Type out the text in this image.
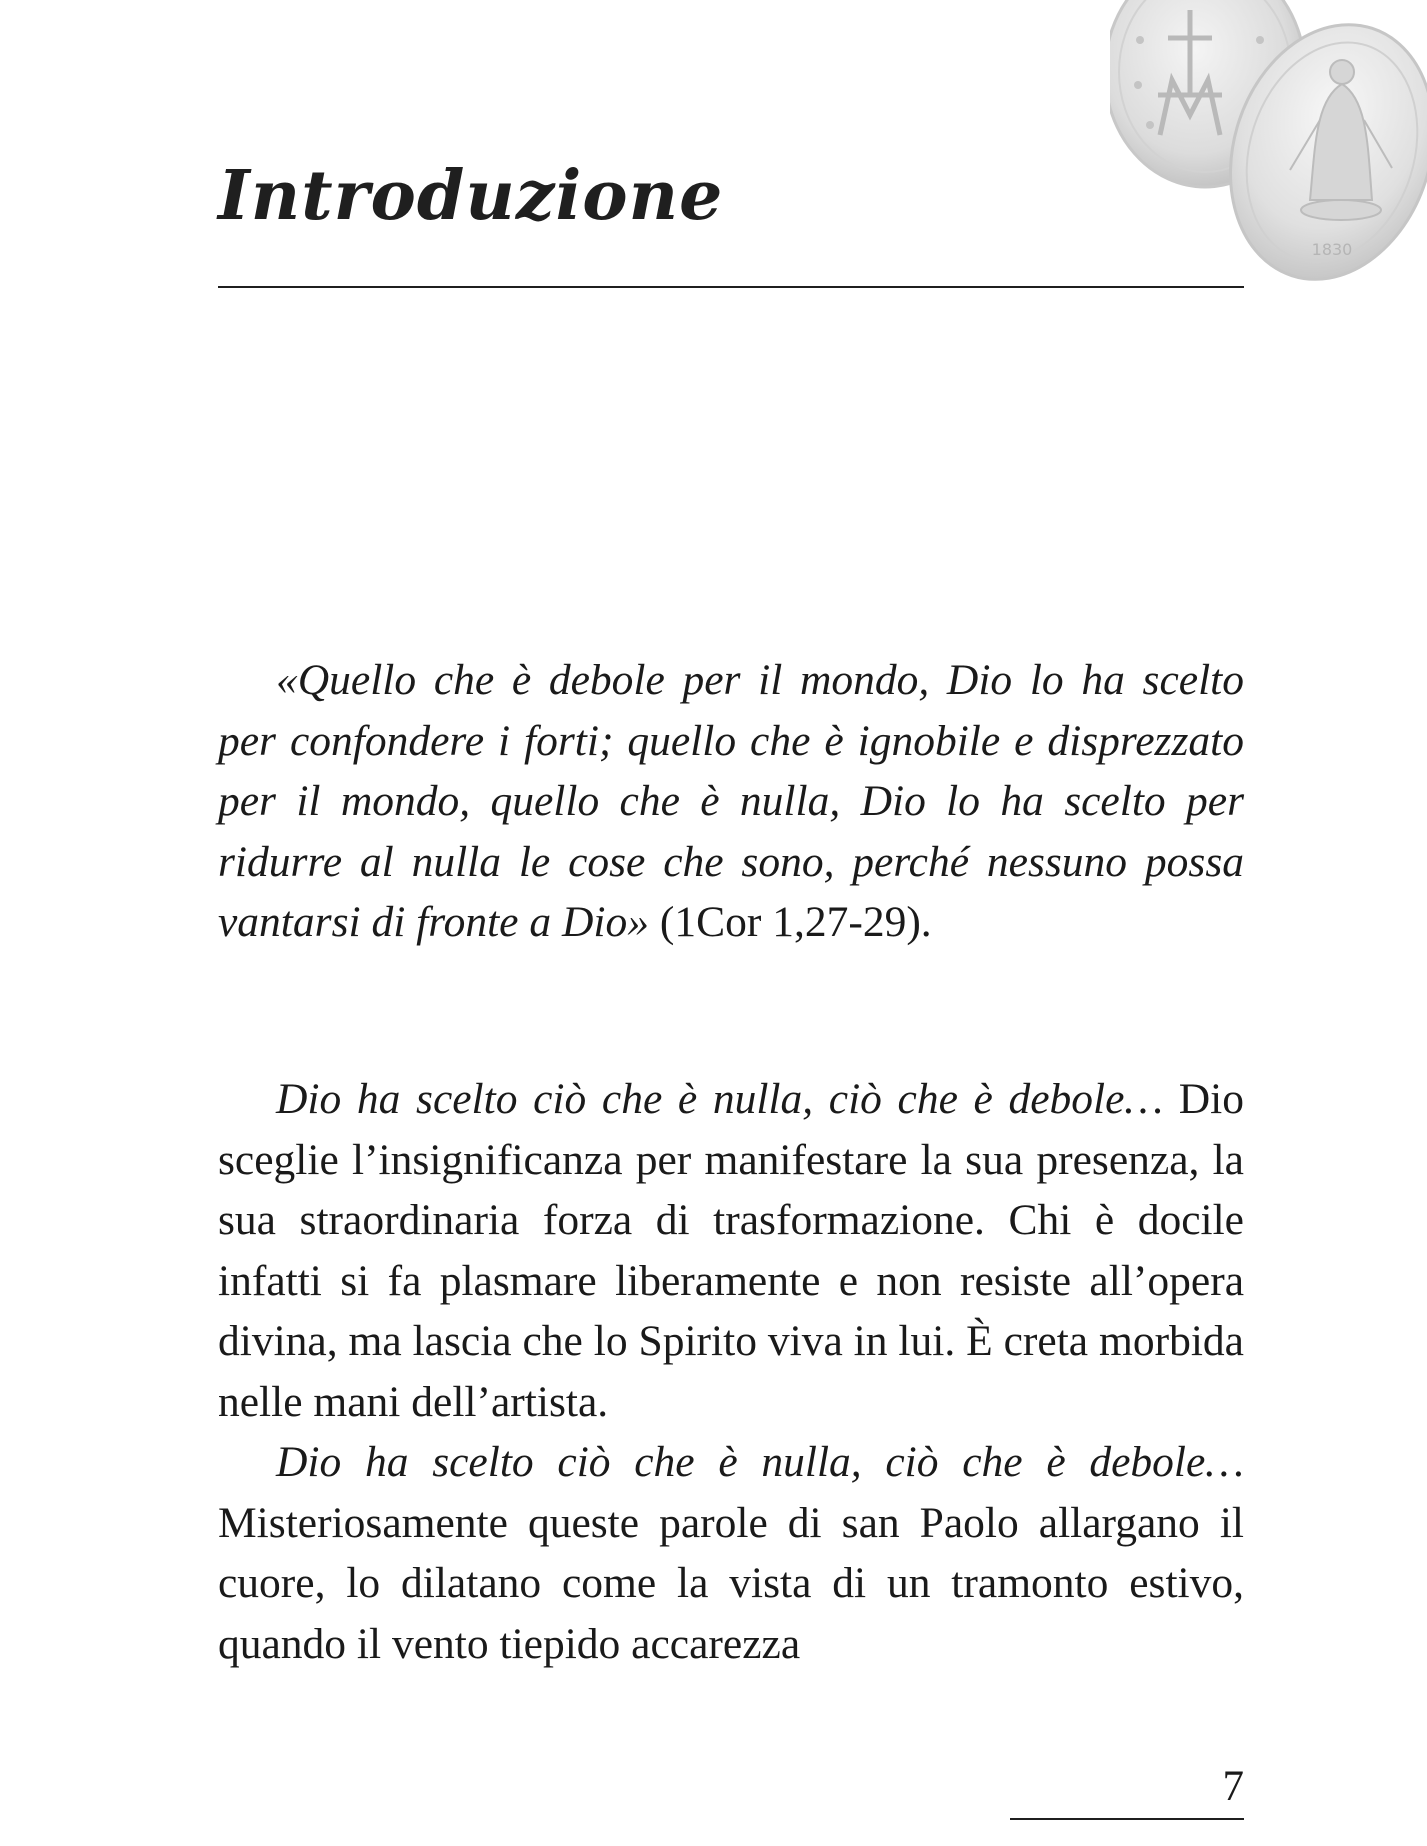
1830
Introduzione

«Quello che è debole per il mondo, Dio lo ha scelto per confondere i forti; quello che è ignobile e disprezzato per il mondo, quello che è nulla, Dio lo ha scelto per ridurre al nulla le cose che sono, perché nessuno possa vantarsi di fronte a Dio» (1Cor 1,27-29).

Dio ha scelto ciò che è nulla, ciò che è debole… Dio sceglie l’insignificanza per manifestare la sua presenza, la sua straordinaria forza di trasformazione. Chi è docile infatti si fa plasmare liberamente e non resiste all’opera divina, ma lascia che lo Spirito viva in lui. È creta morbida nelle mani dell’artista.

Dio ha scelto ciò che è nulla, ciò che è debole… Misteriosamente queste parole di san Paolo allargano il cuore, lo dilatano come la vista di un tramonto estivo, quando il vento tiepido accarezza

7
